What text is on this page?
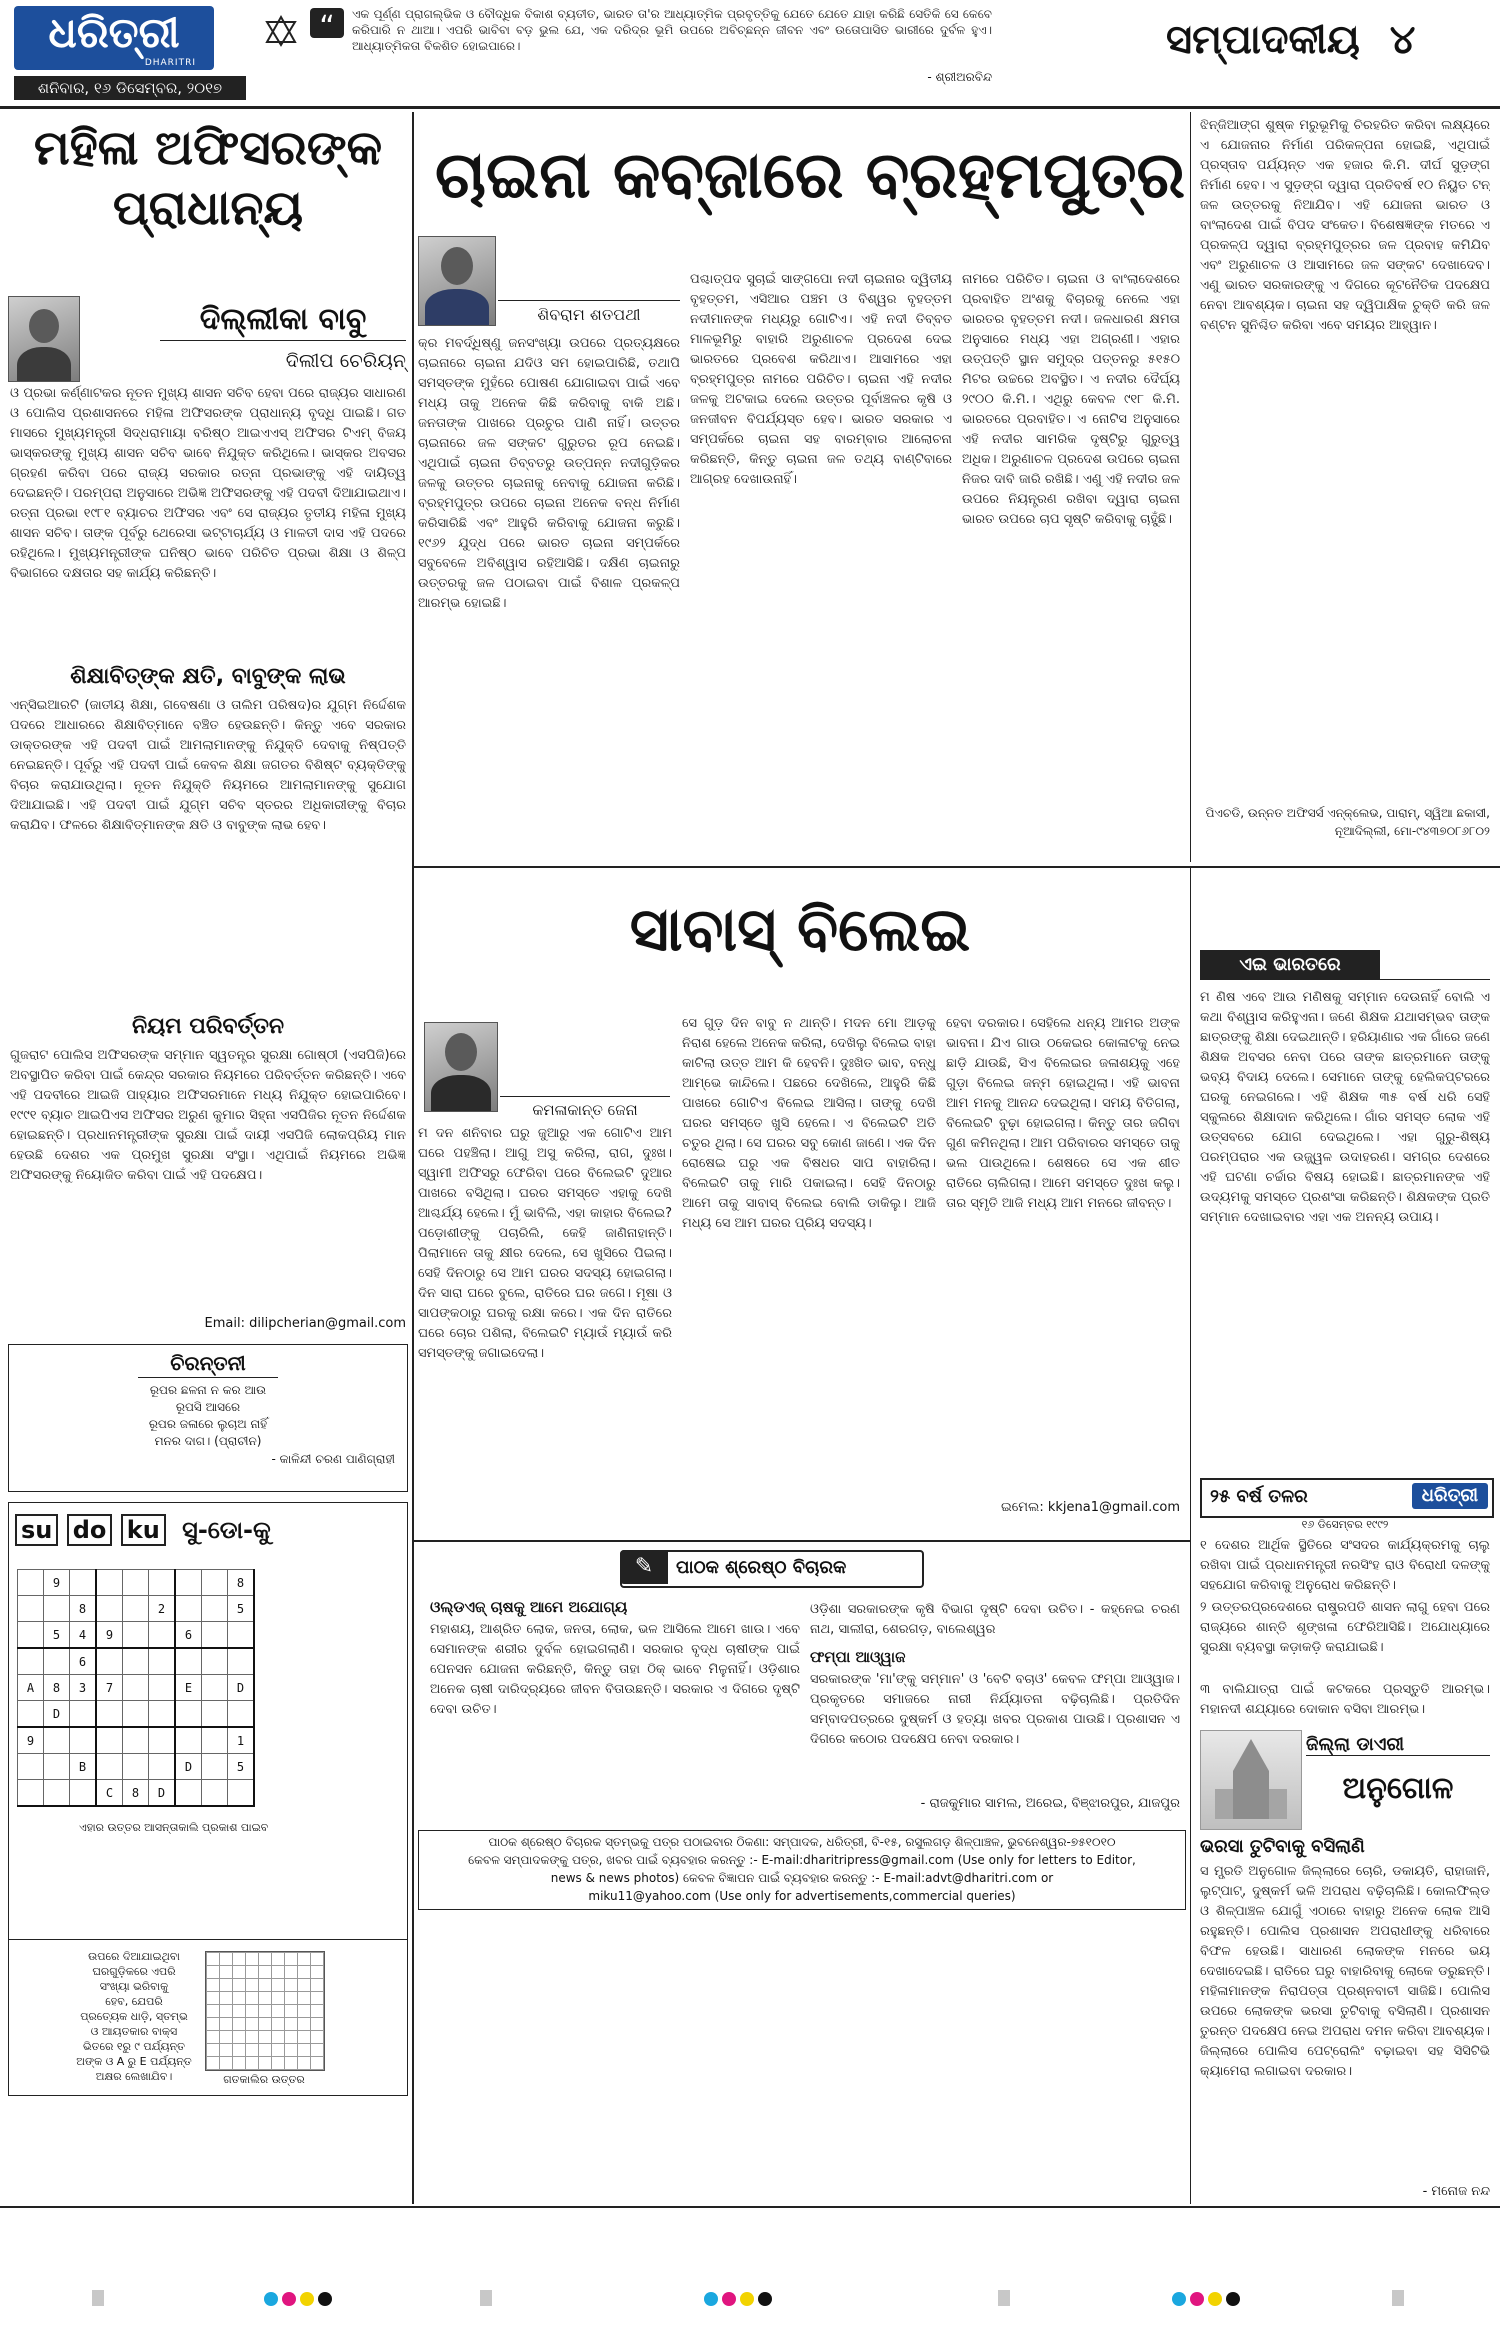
ଧରିତ୍ରୀ
DHARITRI
ଶନିବାର, ୧୬ ଡିସେମ୍ବର, ୨୦୧୭
“	ଏକ ପୂର୍ଣ୍ଣ ପ୍ରାଗଲ୍ଭିକ ଓ ବୌଦ୍ଧିକ ବିକାଶ ବ୍ୟତୀତ, ଭାରତ ତା'ର ଆଧ୍ୟାତ୍ମିକ ପ୍ରବୃତ୍ତିକୁ ଯେତେ ଯେତେ ଯାହା କରିଛି ସେତିକି ସେ କେବେ କରିପାରି ନ ଥାଆ। ଏପରି ଭାବିବା ବଡ଼ ଭୁଲ ଯେ, ଏକ ଦରିଦ୍ର ଭୂମି ଉପରେ ଅବିଚ୍ଛନ୍ନ ଜୀବନ ଏବଂ ଉତୋପାସିତ ଭାରୀରେ ଦୁର୍ବଳ ହୁଏ। ଆଧ୍ୟାତ୍ମିକତା ବିକଶିତ ହୋଇପାରେ।
- ଶ୍ରୀଅରବିନ୍ଦ
ସମ୍ପାଦକୀୟ ୪
ମହିଳା ଅଫିସରଙ୍କ ପ୍ରାଧାନ୍ୟ
ଦିଲ୍ଲୀକା ବାବୁ
ଦିଲୀପ ଚେରିୟନ୍
ଓ ପ୍ରଭା କର୍ଣ୍ଣାଟକର ନୂତନ ମୁଖ୍ୟ ଶାସନ ସଚିବ ହେବା ପରେ ରାଜ୍ୟର ସାଧାରଣ ଓ ପୋଲିସ ପ୍ରଶାସନରେ ମହିଳା ଅଫିସରଙ୍କ ପ୍ରାଧାନ୍ୟ ବୃଦ୍ଧି ପାଇଛି। ଗତ ମାସରେ ମୁଖ୍ୟମନ୍ତ୍ରୀ ସିଦ୍ଧରାମାୟା ବରିଷ୍ଠ ଆଇଏଏସ୍ ଅଫିସର ଟିଏମ୍ ବିଜୟ ଭାସ୍କରଙ୍କୁ ମୁଖ୍ୟ ଶାସନ ସଚିବ ଭାବେ ନିଯୁକ୍ତ କରିଥିଲେ। ଭାସ୍କର ଅବସର ଗ୍ରହଣ କରିବା ପରେ ରାଜ୍ୟ ସରକାର ରତ୍ନା ପ୍ରଭାଙ୍କୁ ଏହି ଦାୟିତ୍ୱ ଦେଇଛନ୍ତି। ପରମ୍ପରା ଅନୁସାରେ ଅଭିଜ୍ଞ ଅଫିସରଙ୍କୁ ଏହି ପଦବୀ ଦିଆଯାଇଥାଏ। ରତ୍ନା ପ୍ରଭା ୧୯୮୧ ବ୍ୟାଚର ଅଫିସର ଏବଂ ସେ ରାଜ୍ୟର ତୃତୀୟ ମହିଳା ମୁଖ୍ୟ ଶାସନ ସଚିବ। ତାଙ୍କ ପୂର୍ବରୁ ଥେରେସା ଭଟ୍ଟାଚାର୍ଯ୍ୟ ଓ ମାଳତୀ ଦାସ ଏହି ପଦରେ ରହିଥିଲେ। ମୁଖ୍ୟମନ୍ତ୍ରୀଙ୍କ ଘନିଷ୍ଠ ଭାବେ ପରିଚିତ ପ୍ରଭା ଶିକ୍ଷା ଓ ଶିଳ୍ପ ବିଭାଗରେ ଦକ୍ଷତାର ସହ କାର୍ଯ୍ୟ କରିଛନ୍ତି।
ଶିକ୍ଷାବିତ୍‌ଙ୍କ କ୍ଷତି, ବାବୁଙ୍କ ଲାଭ
ଏନ୍‌ସିଇଆରଟି (ଜାତୀୟ ଶିକ୍ଷା, ଗବେଷଣା ଓ ତାଲିମ ପରିଷଦ)ର ଯୁଗ୍ମ ନିର୍ଦ୍ଦେଶକ ପଦରେ ଆଧାରରେ ଶିକ୍ଷାବିତ୍‌ମାନେ ବଞ୍ଚିତ ହେଉଛନ୍ତି। କିନ୍ତୁ ଏବେ ସରକାର ଡାକ୍ତରଙ୍କ ଏହି ପଦବୀ ପାଇଁ ଆମଲାମାନଙ୍କୁ ନିଯୁକ୍ତି ଦେବାକୁ ନିଷ୍ପତ୍ତି ନେଇଛନ୍ତି। ପୂର୍ବରୁ ଏହି ପଦବୀ ପାଇଁ କେବଳ ଶିକ୍ଷା ଜଗତର ବିଶିଷ୍ଟ ବ୍ୟକ୍ତିଙ୍କୁ ବିଚାର କରାଯାଉଥିଲା। ନୂତନ ନିଯୁକ୍ତି ନିୟମରେ ଆମଲାମାନଙ୍କୁ ସୁଯୋଗ ଦିଆଯାଇଛି। ଏହି ପଦବୀ ପାଇଁ ଯୁଗ୍ମ ସଚିବ ସ୍ତରର ଅଧିକାରୀଙ୍କୁ ବିଚାର କରାଯିବ। ଫଳରେ ଶିକ୍ଷାବିତ୍‌ମାନଙ୍କ କ୍ଷତି ଓ ବାବୁଙ୍କ ଲାଭ ହେବ।
ନିୟମ ପରିବର୍ତ୍ତନ
ଗୁଜରାଟ ପୋଲିସ ଅଫିସରଙ୍କ ସମ୍ମାନ ସ୍ୱତନ୍ତ୍ର ସୁରକ୍ଷା ଗୋଷ୍ଠୀ (ଏସପିଜି)ରେ ଅବସ୍ଥାପିତ କରିବା ପାଇଁ କେନ୍ଦ୍ର ସରକାର ନିୟମରେ ପରିବର୍ତ୍ତନ କରିଛନ୍ତି। ଏବେ ଏହି ପଦବୀରେ ଆଇଜି ପାହ୍ୟାର ଅଫିସରମାନେ ମଧ୍ୟ ନିଯୁକ୍ତ ହୋଇପାରିବେ। ୧୯୯୧ ବ୍ୟାଚ ଆଇପିଏସ ଅଫିସର ଅରୁଣ କୁମାର ସିହ୍ନା ଏସପିଜିର ନୂତନ ନିର୍ଦ୍ଦେଶକ ହୋଇଛନ୍ତି। ପ୍ରଧାନମନ୍ତ୍ରୀଙ୍କ ସୁରକ୍ଷା ପାଇଁ ଦାୟୀ ଏସପିଜି ଲୋକପ୍ରିୟ ମାନ ହେଉଛି ଦେଶର ଏକ ପ୍ରମୁଖ ସୁରକ୍ଷା ସଂସ୍ଥା। ଏଥିପାଇଁ ନିୟମରେ ଅଭିଜ୍ଞ ଅଫିସରଙ୍କୁ ନିୟୋଜିତ କରିବା ପାଇଁ ଏହି ପଦକ୍ଷେପ।
Email: dilipcherian@gmail.com
ଚିରନ୍ତନୀ
ରୂପର ଛଳନା ନ କର ଆଉ
ରୂପସି ଆସରେ
ରୂପର ଜଳାରେ ଲୁଚାଅ ନାହିଁ
ମନର ଦାଗ। (ପ୍ରାଚୀନ)
- କାଳିନ୍ଦୀ ଚରଣ ପାଣିଗ୍ରାହୀ
su do ku ସୁ-ଡୋ-କୁ
	9							8
		8			2			5
	5	4	9			6		
		6						
A	8	3	7			E		D
	D							
9								1
		B				D		5
			C	8	D			
ଏହାର ଉତ୍ତର ଆସନ୍ତାକାଲି ପ୍ରକାଶ ପାଇବ
ଉପରେ ଦିଆଯାଇଥିବା
ଘରଗୁଡ଼ିକରେ ଏପରି
ସଂଖ୍ୟା ଭରିବାକୁ
ହେବ, ଯେପରି
ପ୍ରତ୍ୟେକ ଧାଡ଼ି, ସ୍ତମ୍ଭ
ଓ ଆୟତକାର ବାକ୍ସ
ଭିତରେ ୧ରୁ ୯ ପର୍ଯ୍ୟନ୍ତ
ଅଙ୍କ ଓ A ରୁ E ପର୍ଯ୍ୟନ୍ତ
ଅକ୍ଷର ଲେଖାଯିବ।	ଗତକାଲିର ଉତ୍ତର
ଚାଇନା କବ୍‌ଜାରେ ବ୍ରହ୍ମପୁତ୍ର
ଶିବରାମ ଶତପଥୀ
କ୍ର ମବର୍ଦ୍ଧିଷ୍ଣୁ ଜନସଂଖ୍ୟା ଉପରେ ପ୍ରତ୍ୟକ୍ଷରେ ଚାଇନାରେ ଚାଇନା ଯଦିଓ ସମ ହୋଇପାରିଛି, ତଥାପି ସମସ୍ତଙ୍କ ମୁହଁରେ ପୋଷଣ ଯୋଗାଇବା ପାଇଁ ଏବେ ମଧ୍ୟ ତାକୁ ଅନେକ କିଛି କରିବାକୁ ବାକି ଅଛି। ଜନତାଙ୍କ ପାଖରେ ପ୍ରଚୁର ପାଣି ନାହିଁ। ଉତ୍ତର ଚାଇନାରେ ଜଳ ସଙ୍କଟ ଗୁରୁତର ରୂପ ନେଇଛି। ଏଥିପାଇଁ ଚାଇନା ତିବ୍ବତରୁ ଉତ୍ପନ୍ନ ନଦୀଗୁଡ଼ିକର ଜଳକୁ ଉତ୍ତର ଚାଇନାକୁ ନେବାକୁ ଯୋଜନା କରିଛି। ବ୍ରହ୍ମପୁତ୍ର ଉପରେ ଚାଇନା ଅନେକ ବନ୍ଧ ନିର୍ମାଣ କରିସାରିଛି ଏବଂ ଆହୁରି କରିବାକୁ ଯୋଜନା କରୁଛି। ୧୯୬୨ ଯୁଦ୍ଧ ପରେ ଭାରତ ଚାଇନା ସମ୍ପର୍କରେ ସବୁବେଳେ ଅବିଶ୍ୱାସ ରହିଆସିଛି। ଦକ୍ଷିଣ ଚାଇନାରୁ ଉତ୍ତରକୁ ଜଳ ପଠାଇବା ପାଇଁ ବିଶାଳ ପ୍ରକଳ୍ପ ଆରମ୍ଭ ହୋଇଛି।
ପଶ୍ଚାତ୍‌ପଦ ସୁଚାଇଁ ସାଙ୍ଗପୋ ନଦୀ ଚାଇନାର ଦ୍ୱିତୀୟ ବୃହତ୍ତମ, ଏସିଆର ପଞ୍ଚମ ଓ ବିଶ୍ୱର ବୃହତ୍ତମ ନଦୀମାନଙ୍କ ମଧ୍ୟରୁ ଗୋଟିଏ। ଏହି ନଦୀ ତିବ୍ବତ ମାଳଭୂମିରୁ ବାହାରି ଅରୁଣାଚଳ ପ୍ରଦେଶ ଦେଇ ଭାରତରେ ପ୍ରବେଶ କରିଥାଏ। ଆସାମରେ ଏହା ବ୍ରହ୍ମପୁତ୍ର ନାମରେ ପରିଚିତ। ଚାଇନା ଏହି ନଦୀର ଜଳକୁ ଅଟକାଇ ଦେଲେ ଉତ୍ତର ପୂର୍ବାଞ୍ଚଳର କୃଷି ଓ ଜନଜୀବନ ବିପର୍ଯ୍ୟସ୍ତ ହେବ। ଭାରତ ସରକାର ଏ ସମ୍ପର୍କରେ ଚାଇନା ସହ ବାରମ୍ବାର ଆଲୋଚନା କରିଛନ୍ତି, କିନ୍ତୁ ଚାଇନା ଜଳ ତଥ୍ୟ ବାଣ୍ଟିବାରେ ଆଗ୍ରହ ଦେଖାଉନାହିଁ।
ନାମରେ ପରିଚିତ। ଚାଇନା ଓ ବାଂଲାଦେଶରେ ପ୍ରବାହିତ ଅଂଶକୁ ବିଚାରକୁ ନେଲେ ଏହା ଭାରତର ବୃହତ୍ତମ ନଦୀ। ଜଳଧାରଣ କ୍ଷମତା ଅନୁସାରେ ମଧ୍ୟ ଏହା ଅଗ୍ରଣୀ। ଏହାର ଉତ୍ପତ୍ତି ସ୍ଥାନ ସମୁଦ୍ର ପତ୍ତନରୁ ୫୧୫୦ ମିଟର ଉଚ୍ଚରେ ଅବସ୍ଥିତ। ଏ ନଦୀର ଦୈର୍ଘ୍ୟ ୨୯୦୦ କି.ମି.। ଏଥିରୁ କେବଳ ୯୧୮ କି.ମି. ଭାରତରେ ପ୍ରବାହିତ। ଏ ନୋଟିସ ଅନୁସାରେ ଏହି ନଦୀର ସାମରିକ ଦୃଷ୍ଟିରୁ ଗୁରୁତ୍ୱ ଅଧିକ। ଅରୁଣାଚଳ ପ୍ରଦେଶ ଉପରେ ଚାଇନା ନିଜର ଦାବି ଜାରି ରଖିଛି। ଏଣୁ ଏହି ନଦୀର ଜଳ ଉପରେ ନିୟନ୍ତ୍ରଣ ରଖିବା ଦ୍ୱାରା ଚାଇନା ଭାରତ ଉପରେ ଚାପ ସୃଷ୍ଟି କରିବାକୁ ଚାହୁଁଛି।
ଝିନ୍‌ଜିଆଙ୍ଗ ଶୁଷ୍କ ମରୁଭୂମିକୁ ଚିରହରିତ କରିବା ଲକ୍ଷ୍ୟରେ ଏ ଯୋଜନାର ନିର୍ମାଣ ପରିକଳ୍ପନା ହୋଇଛି, ଏଥିପାଇଁ ପ୍ରସ୍ତାବ ପର୍ଯ୍ୟନ୍ତ ଏକ ହଜାର କି.ମି. ଦୀର୍ଘ ସୁଡ଼ଙ୍ଗ ନିର୍ମାଣ ହେବ। ଏ ସୁଡ଼ଙ୍ଗ ଦ୍ୱାରା ପ୍ରତିବର୍ଷ ୧୦ ନିୟୁତ ଟନ୍ ଜଳ ଉତ୍ତରକୁ ନିଆଯିବ। ଏହି ଯୋଜନା ଭାରତ ଓ ବାଂଲାଦେଶ ପାଇଁ ବିପଦ ସଂକେତ। ବିଶେଷଜ୍ଞଙ୍କ ମତରେ ଏ ପ୍ରକଳ୍ପ ଦ୍ୱାରା ବ୍ରହ୍ମପୁତ୍ରର ଜଳ ପ୍ରବାହ କମିଯିବ ଏବଂ ଅରୁଣାଚଳ ଓ ଆସାମରେ ଜଳ ସଙ୍କଟ ଦେଖାଦେବ। ଏଣୁ ଭାରତ ସରକାରଙ୍କୁ ଏ ଦିଗରେ କୂଟନୈତିକ ପଦକ୍ଷେପ ନେବା ଆବଶ୍ୟକ। ଚାଇନା ସହ ଦ୍ୱିପାକ୍ଷିକ ଚୁକ୍ତି କରି ଜଳ ବଣ୍ଟନ ସୁନିଶ୍ଚିତ କରିବା ଏବେ ସମୟର ଆହ୍ୱାନ।
ପିଏଚଡି, ଉନ୍ନତ ଅଫିସର୍ସ ଏନ୍‌କ୍ଲେଭ, ପାରାମ୍, ସ୍ୱିଆ ଛକାସୀ, ନୂଆଦିଲ୍ଲୀ, ମୋ-୯୪୩୭୦୮୬୮୦୨
ସାବାସ୍ ବିଲେଇ
କମଳାକାନ୍ତ ଜେନା
ମ ଦନ ଶନିବାର ଘରୁ ଜୁଆରୁ ଏକ ଗୋଟିଏ ଆମ ଘରେ ପହଞ୍ଚିଲା। ଆଗୁ ଅସୁ କରିଲା, ରାଗ, ଦୁଃଖ। ସ୍ୱାମୀ ଅଫିସରୁ ଫେରିବା ପରେ ବିଲେଇଟି ଦୁଆର ପାଖରେ ବସିଥିଲା। ଘରର ସମସ୍ତେ ଏହାକୁ ଦେଖି ଆଶ୍ଚର୍ଯ୍ୟ ହେଲେ। ମୁଁ ଭାବିଲି, ଏହା କାହାର ବିଲେଇ? ପଡ଼ୋଶୀଙ୍କୁ ପଚାରିଲି, କେହି ଜାଣିନାହାନ୍ତି। ପିଲାମାନେ ତାକୁ କ୍ଷୀର ଦେଲେ, ସେ ଖୁସିରେ ପିଇଲା। ସେହି ଦିନଠାରୁ ସେ ଆମ ଘରର ସଦସ୍ୟ ହୋଇଗଲା। ଦିନ ସାରା ଘରେ ବୁଲେ, ରାତିରେ ଘର ଜଗେ। ମୂଷା ଓ ସାପଙ୍କଠାରୁ ଘରକୁ ରକ୍ଷା କରେ। ଏକ ଦିନ ରାତିରେ ଘରେ ଚୋର ପଶିଲା, ବିଲେଇଟି ମ୍ୟାଉଁ ମ୍ୟାଉଁ କରି ସମସ୍ତଙ୍କୁ ଜଗାଇଦେଲା।
ସେ ଗୁଡ଼ ଦିନ ବାବୁ ନ ଥାନ୍ତି। ମଦନ ମୋ ଆଡ଼କୁ ନିରାଶ ହେଲେ ଅନେକ କରିଲା, ଦେଖିଲୁ ବିଲେଇ ବାହା କାଟିଲା ଉତ୍ତ ଆମ କି ହେବନି। ଦୁଃଖିତ ଭାବ, ବନ୍ଧୁ ଆମ୍ଭେ କାନ୍ଦିଲେ। ପଛରେ ଦେଖିଲେ, ଆହୁରି କିଛି ପାଖରେ ଗୋଟିଏ ବିଲେଇ ଆସିଲା। ତାଙ୍କୁ ଦେଖି ଘରର ସମସ୍ତେ ଖୁସି ହେଲେ। ଏ ବିଲେଇଟି ଅତି ଚତୁର ଥିଲା। ସେ ଘରର ସବୁ କୋଣ ଜାଣେ। ଏକ ଦିନ ରୋଷେଇ ଘରୁ ଏକ ବିଷଧର ସାପ ବାହାରିଲା। ବିଲେଇଟି ତାକୁ ମାରି ପକାଇଲା। ସେହି ଦିନଠାରୁ ଆମେ ତାକୁ ସାବାସ୍ ବିଲେଇ ବୋଲି ଡାକିଲୁ। ଆଜି ମଧ୍ୟ ସେ ଆମ ଘରର ପ୍ରିୟ ସଦସ୍ୟ।
ହେବା ଦରକାର। ସେହିଲେ ଧନ୍ୟ ଆମର ଅଙ୍କ ଭାବନା। ଯିଏ ଗାଉ ଠକେଇର କୋଳାଟକୁ ନେଇ ଛାଡ଼ି ଯାଉଛି, ସିଏ ବିଲେଇର ଜଳାଶୟକୁ ଏହେ ଗୁଡ଼ା ବିଲେଇ ଜନ୍ମ ହୋଇଥିଲା। ଏହି ଭାବନା ଆମ ମନକୁ ଆନନ୍ଦ ଦେଇଥିଲା। ସମୟ ବିତିଗଲା, ବିଲେଇଟି ବୁଢ଼ା ହୋଇଗଲା। କିନ୍ତୁ ତାର ଜଗିବା ଗୁଣ କମିନଥିଲା। ଆମ ପରିବାରର ସମସ୍ତେ ତାକୁ ଭଲ ପାଉଥିଲେ। ଶେଷରେ ସେ ଏକ ଶୀତ ରାତିରେ ଚାଲିଗଲା। ଆମେ ସମସ୍ତେ ଦୁଃଖ କଲୁ। ତାର ସ୍ମୃତି ଆଜି ମଧ୍ୟ ଆମ ମନରେ ଜୀବନ୍ତ।
ଇମେଲ: kkjena1@gmail.com
✎	ପାଠକ ଶ୍ରେଷ୍ଠ ବିଚାରକ
ଓଲ୍ଡଏଜ୍ ଚାଷକୁ ଆମେ ଅଯୋଗ୍ୟ
ମହାଶୟ, ଆଶ୍ରିତ ଲୋକ, ଜନତା, ଲୋକ, ଭଳ ଆସିଲେ ଆମେ ଖାଉ। ଏବେ ସେମାନଙ୍କ ଶରୀର ଦୁର୍ବଳ ହୋଇଗଲାଣି। ସରକାର ବୃଦ୍ଧ ଚାଷୀଙ୍କ ପାଇଁ ପେନସନ ଯୋଜନା କରିଛନ୍ତି, କିନ୍ତୁ ତାହା ଠିକ୍ ଭାବେ ମିଳୁନାହିଁ। ଓଡ଼ିଶାର ଅନେକ ଚାଷୀ ଦାରିଦ୍ର୍ୟରେ ଜୀବନ ବିତାଉଛନ୍ତି। ସରକାର ଏ ଦିଗରେ ଦୃଷ୍ଟି ଦେବା ଉଚିତ।
ଓଡ଼ିଶା ସରକାରଙ୍କ କୃଷି ବିଭାଗ ଦୃଷ୍ଟି ଦେବା ଉଚିତ। - କହ୍ନେଇ ଚରଣ ନାଥ, ସାଲୀରା, ଶେରଗଡ଼, ବାଲେଶ୍ୱର
ଫମ୍ପା ଆଓ୍ୱାଜ
ସରକାରଙ୍କ 'ମା'ଙ୍କୁ ସମ୍ମାନ' ଓ 'ବେଟି ବଚାଓ' କେବଳ ଫମ୍ପା ଆଓ୍ୱାଜ। ପ୍ରକୃତରେ ସମାଜରେ ନାରୀ ନିର୍ଯ୍ୟାତନା ବଢ଼ିଚାଲିଛି। ପ୍ରତିଦିନ ସମ୍ବାଦପତ୍ରରେ ଦୁଷ୍କର୍ମ ଓ ହତ୍ୟା ଖବର ପ୍ରକାଶ ପାଉଛି। ପ୍ରଶାସନ ଏ ଦିଗରେ କଠୋର ପଦକ୍ଷେପ ନେବା ଦରକାର।
- ରାଜକୁମାର ସାମଲ, ଅରେଇ, ବିଞ୍ଝାରପୁର, ଯାଜପୁର
ପାଠକ ଶ୍ରେଷ୍ଠ ବିଚାରକ ସ୍ତମ୍ଭକୁ ପତ୍ର ପଠାଇବାର ଠିକଣା: ସମ୍ପାଦକ, ଧରିତ୍ରୀ, ବି-୧୫, ରସୁଲଗଡ଼ ଶିଳ୍ପାଞ୍ଚଳ, ଭୁବନେଶ୍ୱର-୭୫୧୦୧୦
କେବଳ ସମ୍ପାଦକଙ୍କୁ ପତ୍ର, ଖବର ପାଇଁ ବ୍ୟବହାର କରନ୍ତୁ :- E-mail:dharitripress@gmail.com (Use only for letters to Editor,
news & news photos) କେବଳ ବିଜ୍ଞାପନ ପାଇଁ ବ୍ୟବହାର କରନ୍ତୁ :- E-mail:advt@dharitri.com or
miku11@yahoo.com (Use only for advertisements,commercial queries)
ଏଇ ଭାରତରେ
ମ ଣିଷ ଏବେ ଆଉ ମଣିଷକୁ ସମ୍ମାନ ଦେଉନାହିଁ ବୋଲି ଏ କଥା ବିଶ୍ୱାସ କରିହୁଏନା। ଜଣେ ଶିକ୍ଷକ ଯଥାସମ୍ଭବ ତାଙ୍କ ଛାତ୍ରଙ୍କୁ ଶିକ୍ଷା ଦେଇଥାନ୍ତି। ହରିୟାଣାର ଏକ ଗାଁରେ ଜଣେ ଶିକ୍ଷକ ଅବସର ନେବା ପରେ ତାଙ୍କ ଛାତ୍ରମାନେ ତାଙ୍କୁ ଭବ୍ୟ ବିଦାୟ ଦେଲେ। ସେମାନେ ତାଙ୍କୁ ହେଲିକପ୍ଟରରେ ଘରକୁ ନେଇଗଲେ। ଏହି ଶିକ୍ଷକ ୩୫ ବର୍ଷ ଧରି ସେହି ସ୍କୁଲରେ ଶିକ୍ଷାଦାନ କରିଥିଲେ। ଗାଁର ସମସ୍ତ ଲୋକ ଏହି ଉତ୍ସବରେ ଯୋଗ ଦେଇଥିଲେ। ଏହା ଗୁରୁ-ଶିଷ୍ୟ ପରମ୍ପରାର ଏକ ଉଜ୍ଜ୍ୱଳ ଉଦାହରଣ। ସମଗ୍ର ଦେଶରେ ଏହି ଘଟଣା ଚର୍ଚ୍ଚାର ବିଷୟ ହୋଇଛି। ଛାତ୍ରମାନଙ୍କ ଏହି ଉଦ୍ୟମକୁ ସମସ୍ତେ ପ୍ରଶଂସା କରିଛନ୍ତି। ଶିକ୍ଷକଙ୍କ ପ୍ରତି ସମ୍ମାନ ଦେଖାଇବାର ଏହା ଏକ ଅନନ୍ୟ ଉପାୟ।
୨୫ ବର୍ଷ ତଳର	ଧରିତ୍ରୀ
୧୬ ଡିସେମ୍ବର ୧୯୯୨
୧ ଦେଶର ଆର୍ଥିକ ସ୍ଥିତିରେ ସଂସଦର କାର୍ଯ୍ୟକ୍ରମକୁ ଚାଲୁ ରଖିବା ପାଇଁ ପ୍ରଧାନମନ୍ତ୍ରୀ ନରସିଂହ ରାଓ ବିରୋଧୀ ଦଳଙ୍କୁ ସହଯୋଗ କରିବାକୁ ଅନୁରୋଧ କରିଛନ୍ତି।
୨ ଉତ୍ତରପ୍ରଦେଶରେ ରାଷ୍ଟ୍ରପତି ଶାସନ ଲାଗୁ ହେବା ପରେ ରାଜ୍ୟରେ ଶାନ୍ତି ଶୃଙ୍ଖଳା ଫେରିଆସିଛି। ଅଯୋଧ୍ୟାରେ ସୁରକ୍ଷା ବ୍ୟବସ୍ଥା କଡ଼ାକଡ଼ି କରାଯାଇଛି।
୩ ବାଲିଯାତ୍ରା ପାଇଁ କଟକରେ ପ୍ରସ୍ତୁତି ଆରମ୍ଭ। ମହାନଦୀ ଶଯ୍ୟାରେ ଦୋକାନ ବସିବା ଆରମ୍ଭ।
ଜିଲ୍ଲା ଡାଏରୀ
ଅନୁଗୋଳ
ଭରସା ତୁଟିବାକୁ ବସିଲାଣି
ସ ମ୍ପ୍ରତି ଅନୁଗୋଳ ଜିଲ୍ଲାରେ ଚୋରି, ଡକାୟତି, ରାହାଜାନି, ଲୁଟ୍‌ପାଟ୍, ଦୁଷ୍କର୍ମ ଭଳି ଅପରାଧ ବଢ଼ିଚାଲିଛି। କୋଲଫିଲ୍ଡ ଓ ଶିଳ୍ପାଞ୍ଚଳ ଯୋଗୁଁ ଏଠାରେ ବାହାରୁ ଅନେକ ଲୋକ ଆସି ରହୁଛନ୍ତି। ପୋଲିସ ପ୍ରଶାସନ ଅପରାଧୀଙ୍କୁ ଧରିବାରେ ବିଫଳ ହେଉଛି। ସାଧାରଣ ଲୋକଙ୍କ ମନରେ ଭୟ ଦେଖାଦେଇଛି। ରାତିରେ ଘରୁ ବାହାରିବାକୁ ଲୋକେ ଡରୁଛନ୍ତି। ମହିଳାମାନଙ୍କ ନିରାପତ୍ତା ପ୍ରଶ୍ନବାଚୀ ସାଜିଛି। ପୋଲିସ ଉପରେ ଲୋକଙ୍କ ଭରସା ତୁଟିବାକୁ ବସିଲାଣି। ପ୍ରଶାସନ ତୁରନ୍ତ ପଦକ୍ଷେପ ନେଇ ଅପରାଧ ଦମନ କରିବା ଆବଶ୍ୟକ। ଜିଲ୍ଲାରେ ପୋଲିସ ପେଟ୍ରୋଲିଂ ବଢ଼ାଇବା ସହ ସିସିଟିଭି କ୍ୟାମେରା ଲଗାଇବା ଦରକାର।
- ମନୋଜ ନନ୍ଦ
